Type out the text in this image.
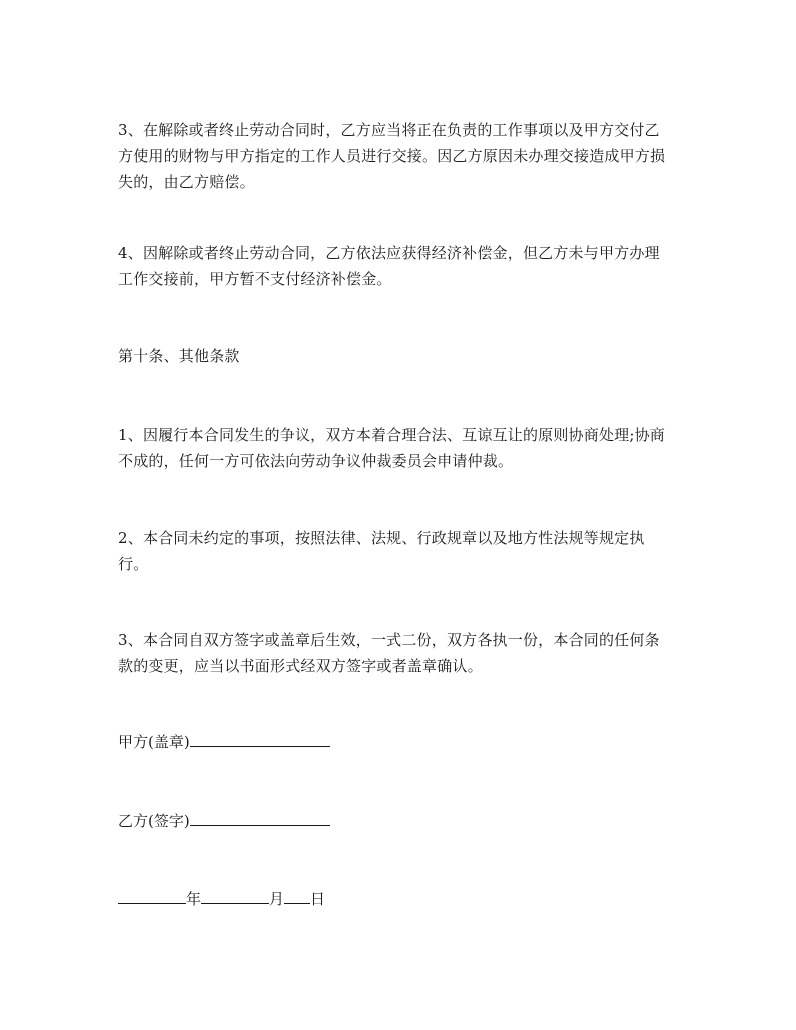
3、在解除或者终止劳动合同时，乙方应当将正在负责的工作事项以及甲方交付乙
方使用的财物与甲方指定的工作人员进行交接。因乙方原因未办理交接造成甲方损
失的，由乙方赔偿。
4、因解除或者终止劳动合同，乙方依法应获得经济补偿金，但乙方未与甲方办理
工作交接前，甲方暂不支付经济补偿金。
第十条、其他条款
1、因履行本合同发生的争议，双方本着合理合法、互谅互让的原则协商处理;协商
不成的，任何一方可依法向劳动争议仲裁委员会申请仲裁。
2、本合同未约定的事项，按照法律、法规、行政规章以及地方性法规等规定执
行。
3、本合同自双方签字或盖章后生效，一式二份，双方各执一份，本合同的任何条
款的变更，应当以书面形式经双方签字或者盖章确认。
甲方(盖章)
乙方(签字)
年	月 日
